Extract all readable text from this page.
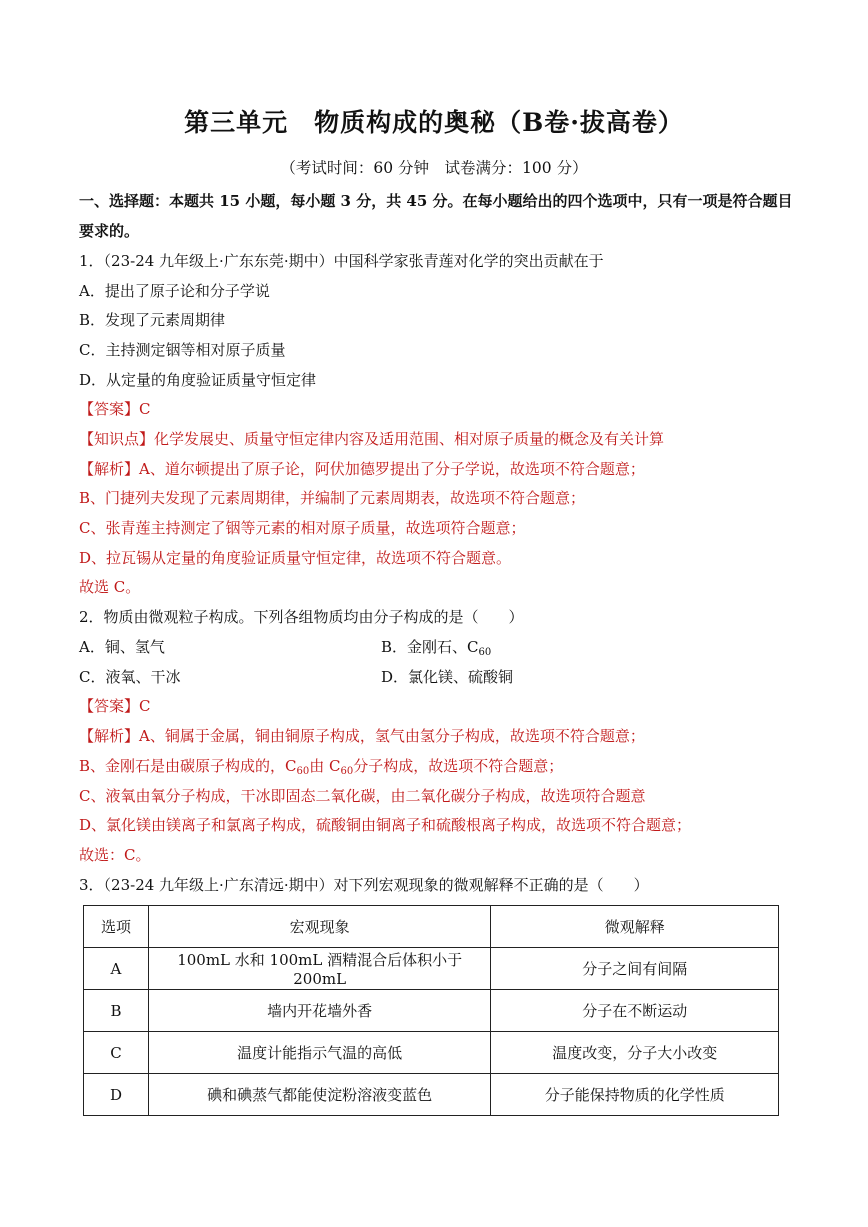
第三单元　物质构成的奥秘（B卷·拔高卷）
（考试时间：60 分钟　试卷满分：100 分）
一、选择题：本题共 15 小题，每小题 3 分，共 45 分。在每小题给出的四个选项中，只有一项是符合题目
要求的。
1．（23-24 九年级上·广东东莞·期中）中国科学家张青莲对化学的突出贡献在于
A．提出了原子论和分子学说
B．发现了元素周期律
C．主持测定铟等相对原子质量
D．从定量的角度验证质量守恒定律
【答案】C
【知识点】化学发展史、质量守恒定律内容及适用范围、相对原子质量的概念及有关计算
【解析】A、道尔顿提出了原子论，阿伏加德罗提出了分子学说，故选项不符合题意；
B、门捷列夫发现了元素周期律，并编制了元素周期表，故选项不符合题意；
C、张青莲主持测定了铟等元素的相对原子质量，故选项符合题意；
D、拉瓦锡从定量的角度验证质量守恒定律，故选项不符合题意。
故选 C。
2．物质由微观粒子构成。下列各组物质均由分子构成的是（　　）
A．铜、氢气	B．金刚石、$C_{60}$
C．液氧、干冰	D．氯化镁、硫酸铜
【答案】C
【解析】A、铜属于金属，铜由铜原子构成，氢气由氢分子构成，故选项不符合题意；
B、金刚石是由碳原子构成的，$C_{60}$由 $C_{60}$分子构成，故选项不符合题意；
C、液氧由氧分子构成，干冰即固态二氧化碳，由二氧化碳分子构成，故选项符合题意
D、氯化镁由镁离子和氯离子构成，硫酸铜由铜离子和硫酸根离子构成，故选项不符合题意；
故选：C。
3．（23-24 九年级上·广东清远·期中）对下列宏观现象的微观解释不正确的是（　　）
选项	宏观现象	微观解释
A	100mL 水和 100mL 酒精混合后体积小于 200mL	分子之间有间隔
B	墙内开花墙外香	分子在不断运动
C	温度计能指示气温的高低	温度改变，分子大小改变
D	碘和碘蒸气都能使淀粉溶液变蓝色	分子能保持物质的化学性质
